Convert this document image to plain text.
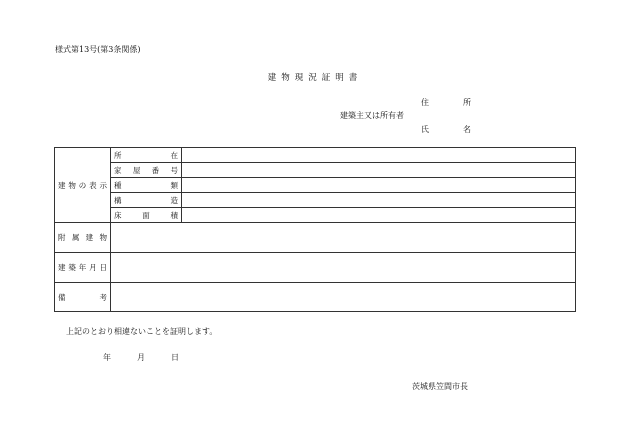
様式第13号(第3条関係)
建物現況証明書
住	所
建築主又は所有者
氏	名
建 物 の 表 示	所 在	

	家 屋 番 号	

	種 類	

	構 造	

	床 面 積	

附 属 建 物		

建 築 年 月 日		

備 考		

上記のとおり相違ないことを証明します。
年	月	日
茨城県笠間市長
